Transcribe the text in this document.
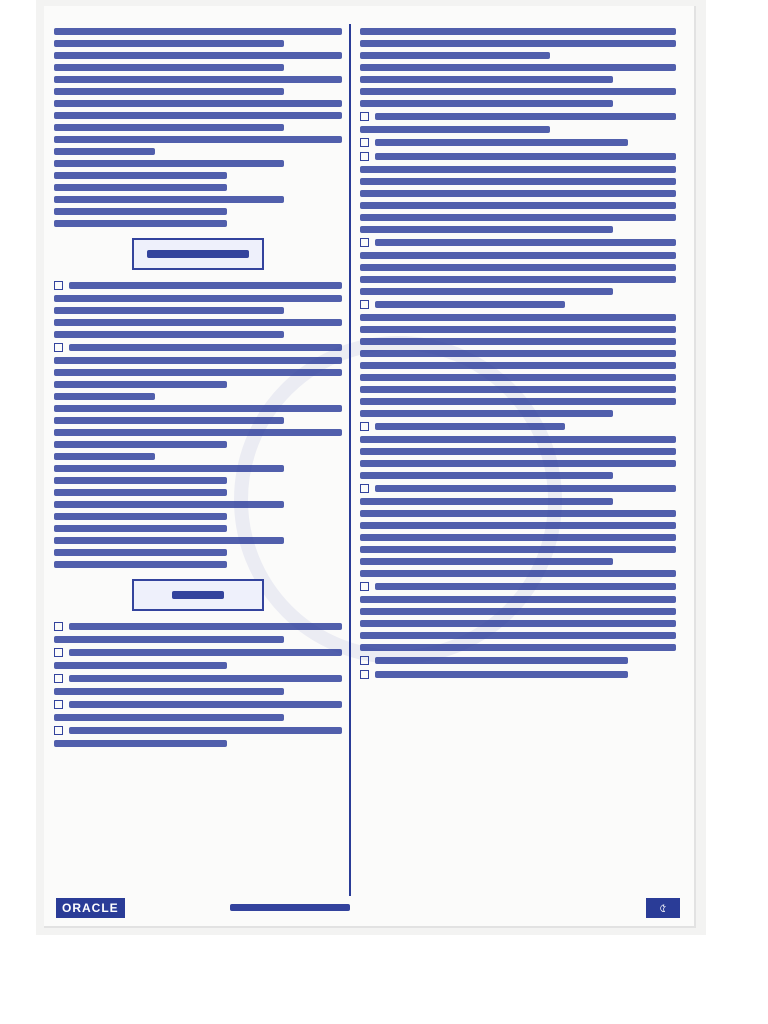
ORACLE	৫
